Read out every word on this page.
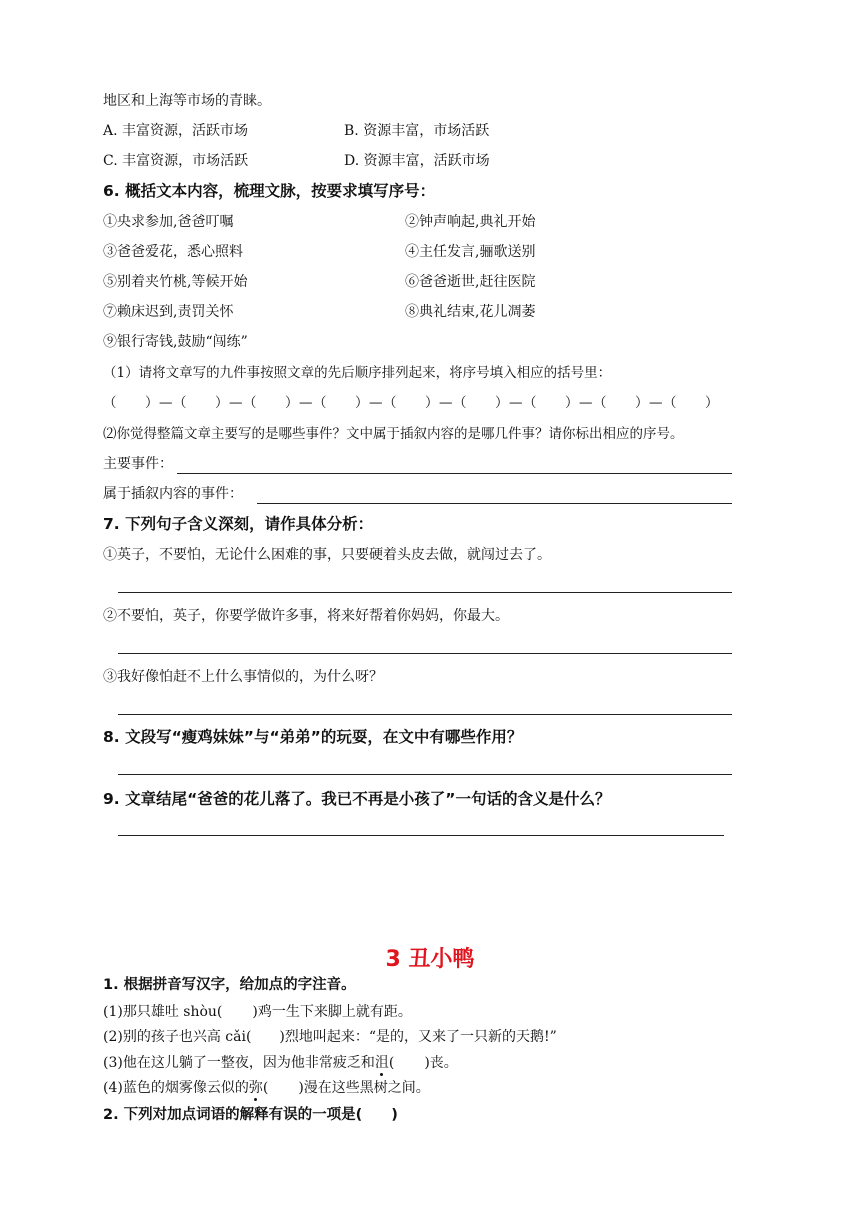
地区和上海等市场的青睐。
A. 丰富资源，活跃市场	B. 资源丰富，市场活跃
C. 丰富资源，市场活跃	D. 资源丰富，活跃市场
6. 概括文本内容，梳理文脉，按要求填写序号：
①央求参加,爸爸叮嘱	②钟声响起,典礼开始
③爸爸爱花，悉心照料	④主任发言,骊歌送别
⑤别着夹竹桃,等候开始	⑥爸爸逝世,赶往医院
⑦赖床迟到,责罚关怀	⑧典礼结束,花儿凋萎
⑨银行寄钱,鼓励“闯练”
（1）请将文章写的九件事按照文章的先后顺序排列起来，将序号填入相应的括号里：
（　　）—（　　）—（　　）—（　　）—（　　）—（　　）—（　　）—（　　）—（　　）
⑵你觉得整篇文章主要写的是哪些事件？文中属于插叙内容的是哪几件事？请你标出相应的序号。
主要事件：
属于插叙内容的事件：
7. 下列句子含义深刻，请作具体分析：
①英子，不要怕，无论什么困难的事，只要硬着头皮去做，就闯过去了。
②不要怕，英子，你要学做许多事，将来好帮着你妈妈，你最大。
③我好像怕赶不上什么事情似的，为什么呀？
8. 文段写“瘦鸡妹妹”与“弟弟”的玩耍，在文中有哪些作用？
9. 文章结尾“爸爸的花儿落了。我已不再是小孩了”一句话的含义是什么？
3 丑小鸭
1. 根据拼音写汉字，给加点的字注音。
(1)那只雄吐 shòu( )鸡一生下来脚上就有距。
(2)别的孩子也兴高 cǎi( )烈地叫起来：“是的，又来了一只新的天鹅!”
(3)他在这儿躺了一整夜，因为他非常疲乏和沮( )丧。
(4)蓝色的烟雾像云似的弥( )漫在这些黑树之间。
2. 下列对加点词语的解释有误的一项是(　　)
